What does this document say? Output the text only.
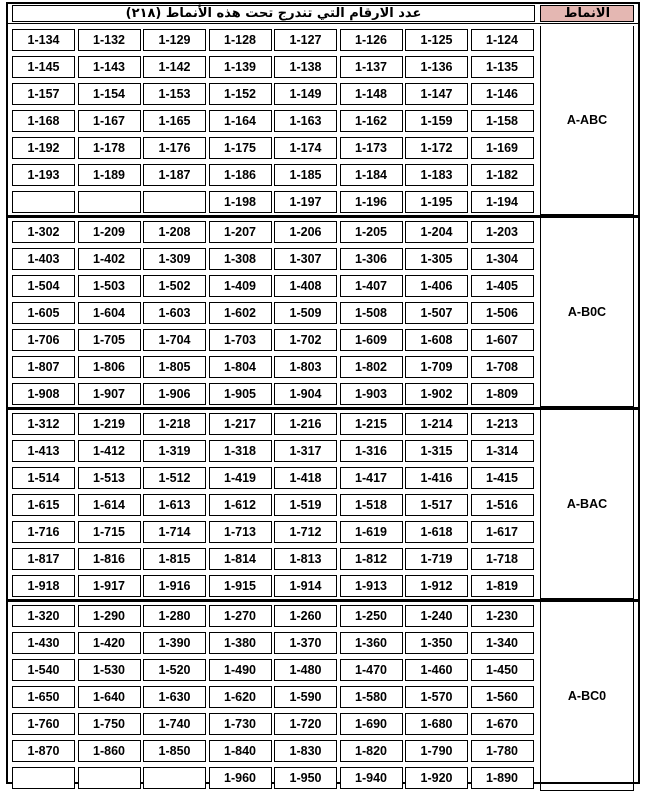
عدد الارقام التي تندرج تحت هذه الأنماط (٢١٨)	الانماط
1-124
1-125
1-126
1-127
1-128
1-129
1-132
1-134
1-135
1-136
1-137
1-138
1-139
1-142
1-143
1-145
1-146
1-147
1-148
1-149
1-152
1-153
1-154
1-157
1-158
1-159
1-162
1-163
1-164
1-165
1-167
1-168
1-169
1-172
1-173
1-174
1-175
1-176
1-178
1-192
1-182
1-183
1-184
1-185
1-186
1-187
1-189
1-193
1-194
1-195
1-196
1-197
1-198
A-ABC
1-203
1-204
1-205
1-206
1-207
1-208
1-209
1-302
1-304
1-305
1-306
1-307
1-308
1-309
1-402
1-403
1-405
1-406
1-407
1-408
1-409
1-502
1-503
1-504
1-506
1-507
1-508
1-509
1-602
1-603
1-604
1-605
1-607
1-608
1-609
1-702
1-703
1-704
1-705
1-706
1-708
1-709
1-802
1-803
1-804
1-805
1-806
1-807
1-809
1-902
1-903
1-904
1-905
1-906
1-907
1-908
A-B0C
1-213
1-214
1-215
1-216
1-217
1-218
1-219
1-312
1-314
1-315
1-316
1-317
1-318
1-319
1-412
1-413
1-415
1-416
1-417
1-418
1-419
1-512
1-513
1-514
1-516
1-517
1-518
1-519
1-612
1-613
1-614
1-615
1-617
1-618
1-619
1-712
1-713
1-714
1-715
1-716
1-718
1-719
1-812
1-813
1-814
1-815
1-816
1-817
1-819
1-912
1-913
1-914
1-915
1-916
1-917
1-918
A-BAC
1-230
1-240
1-250
1-260
1-270
1-280
1-290
1-320
1-340
1-350
1-360
1-370
1-380
1-390
1-420
1-430
1-450
1-460
1-470
1-480
1-490
1-520
1-530
1-540
1-560
1-570
1-580
1-590
1-620
1-630
1-640
1-650
1-670
1-680
1-690
1-720
1-730
1-740
1-750
1-760
1-780
1-790
1-820
1-830
1-840
1-850
1-860
1-870
1-890
1-920
1-940
1-950
1-960
A-BC0
